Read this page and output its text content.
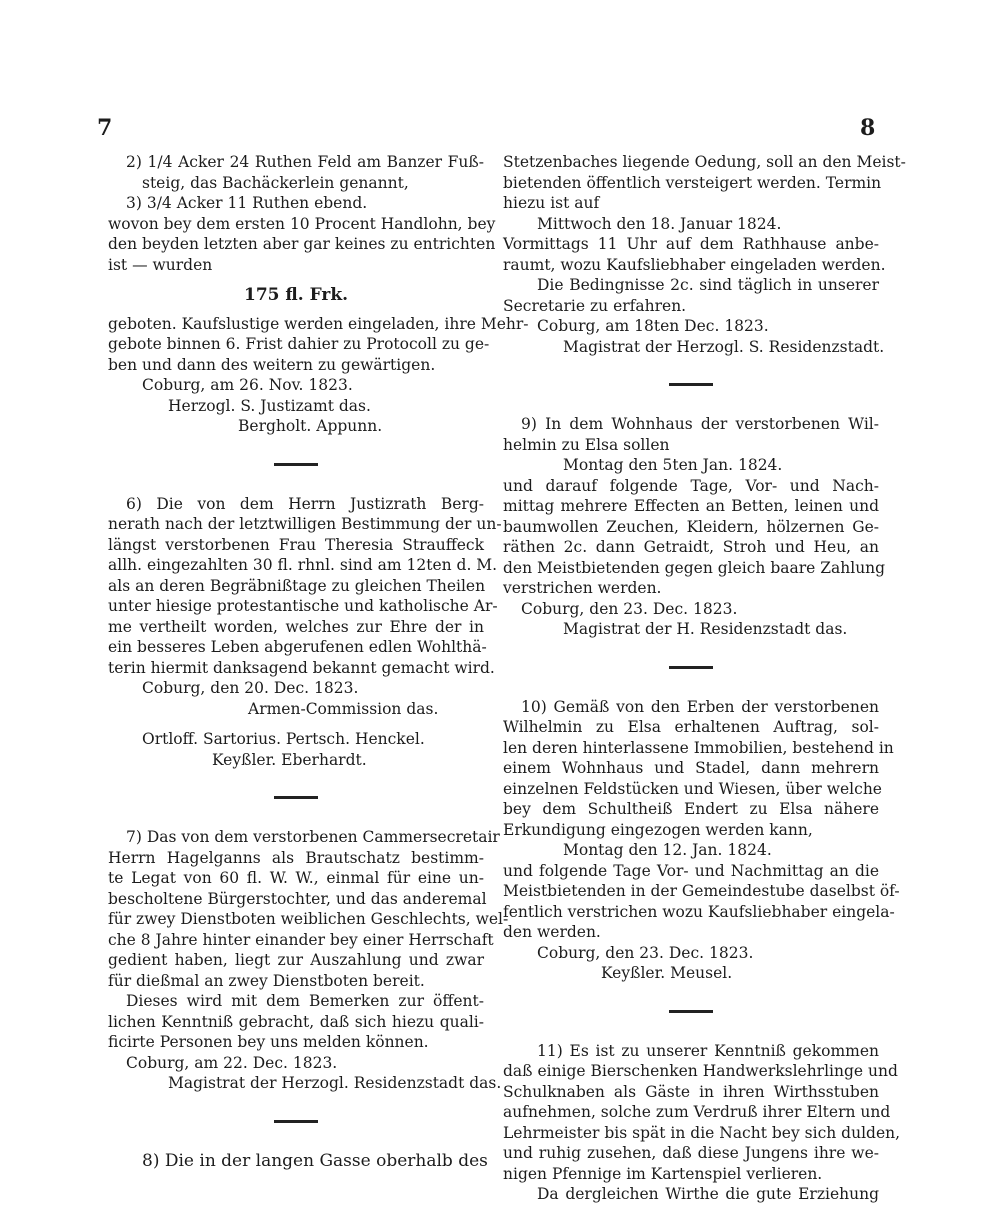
7	8
2) 1/4 Acker 24 Ruthen Feld am Banzer Fuß-
steig, das Bachäckerlein genannt,
3) 3/4 Acker 11 Ruthen ebend.
wovon bey dem ersten 10 Procent Handlohn, bey
den beyden letzten aber gar keines zu entrichten
ist — wurden
175 fl. Frk.
geboten. Kaufslustige werden eingeladen, ihre Mehr-
gebote binnen 6. Frist dahier zu Protocoll zu ge-
ben und dann des weitern zu gewärtigen.
Coburg, am 26. Nov. 1823.
Herzogl. S. Justizamt das.
Bergholt. Appunn.
6) Die von dem Herrn Justizrath Berg-
nerath nach der letztwilligen Bestimmung der un-
längst verstorbenen Frau Theresia Strauffeck
allh. eingezahlten 30 fl. rhnl. sind am 12ten d. M.
als an deren Begräbnißtage zu gleichen Theilen
unter hiesige protestantische und katholische Ar-
me vertheilt worden, welches zur Ehre der in
ein besseres Leben abgerufenen edlen Wohlthä-
terin hiermit danksagend bekannt gemacht wird.
Coburg, den 20. Dec. 1823.
Armen-Commission das.
Ortloff. Sartorius. Pertsch. Henckel.
Keyßler. Eberhardt.
7) Das von dem verstorbenen Cammersecretair
Herrn Hagelganns als Brautschatz bestimm-
te Legat von 60 fl. W. W., einmal für eine un-
bescholtene Bürgerstochter, und das anderemal
für zwey Dienstboten weiblichen Geschlechts, wel-
che 8 Jahre hinter einander bey einer Herrschaft
gedient haben, liegt zur Auszahlung und zwar
für dießmal an zwey Dienstboten bereit.
Dieses wird mit dem Bemerken zur öffent-
lichen Kenntniß gebracht, daß sich hiezu quali-
ficirte Personen bey uns melden können.
Coburg, am 22. Dec. 1823.
Magistrat der Herzogl. Residenzstadt das.
8) Die in der langen Gasse oberhalb des
Stetzenbaches liegende Oedung, soll an den Meist-
bietenden öffentlich versteigert werden. Termin
hiezu ist auf
Mittwoch den 18. Januar 1824.
Vormittags 11 Uhr auf dem Rathhause anbe-
raumt, wozu Kaufsliebhaber eingeladen werden.
Die Bedingnisse 2c. sind täglich in unserer
Secretarie zu erfahren.
Coburg, am 18ten Dec. 1823.
Magistrat der Herzogl. S. Residenzstadt.
9) In dem Wohnhaus der verstorbenen Wil-
helmin zu Elsa sollen
Montag den 5ten Jan. 1824.
und darauf folgende Tage, Vor- und Nach-
mittag mehrere Effecten an Betten, leinen und
baumwollen Zeuchen, Kleidern, hölzernen Ge-
räthen 2c. dann Getraidt, Stroh und Heu, an
den Meistbietenden gegen gleich baare Zahlung
verstrichen werden.
Coburg, den 23. Dec. 1823.
Magistrat der H. Residenzstadt das.
10) Gemäß von den Erben der verstorbenen
Wilhelmin zu Elsa erhaltenen Auftrag, sol-
len deren hinterlassene Immobilien, bestehend in
einem Wohnhaus und Stadel, dann mehrern
einzelnen Feldstücken und Wiesen, über welche
bey dem Schultheiß Endert zu Elsa nähere
Erkundigung eingezogen werden kann,
Montag den 12. Jan. 1824.
und folgende Tage Vor- und Nachmittag an die
Meistbietenden in der Gemeindestube daselbst öf-
fentlich verstrichen wozu Kaufsliebhaber eingela-
den werden.
Coburg, den 23. Dec. 1823.
Keyßler. Meusel.
11) Es ist zu unserer Kenntniß gekommen
daß einige Bierschenken Handwerkslehrlinge und
Schulknaben als Gäste in ihren Wirthsstuben
aufnehmen, solche zum Verdruß ihrer Eltern und
Lehrmeister bis spät in die Nacht bey sich dulden,
und ruhig zusehen, daß diese Jungens ihre we-
nigen Pfennige im Kartenspiel verlieren.
Da dergleichen Wirthe die gute Erziehung
